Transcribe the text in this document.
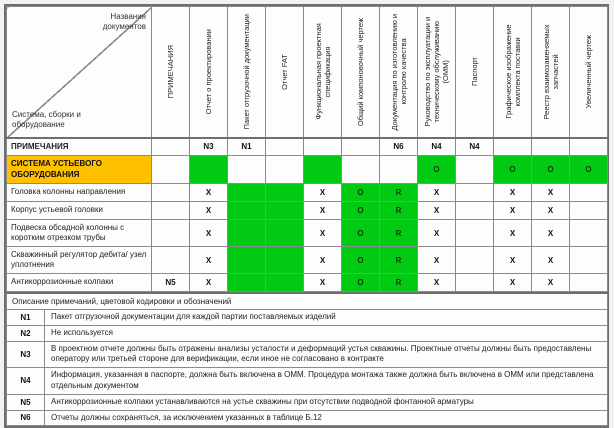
Названия документов
Система, сборки и оборудование	ПРИМЕЧАНИЯ	Отчет о проектировании	Пакет отгрузочной документации	Отчет FAT	Функциональная проектная спецификация	Общий компоновочный чертеж	Документация по изготовлению и контролю качества	Руководство по эксплуатации и техническому обслуживанию (ОММ)	Паспорт	Графическое изображение комплекта поставки	Реестр взаимозаменяемых запчастей	Увеличенный чертеж

ПРИМЕЧАНИЯ		N3	N1				N6	N4	N4			
СИСТЕМА УСТЬЕВОГО ОБОРУДОВАНИЯ								O		O	O	O
Головка колонны направления		X			X	O	R	X		X	X	
Корпус устьевой головки		X			X	O	R	X		X	X	
Подвеска обсадной колонны с коротким отрезком трубы		X			X	O	R	X		X	X	
Скважинный регулятор дебита/ узел уплотнения		X			X	O	R	X		X	X	
Антикоррозионные колпаки	N5	X			X	O	R	X		X	X	
Описание примечаний, цветовой кодировки и обозначений	
N1	Пакет отгрузочной документации для каждой партии поставляемых изделий
N2	Не используется
N3	В проектном отчете должны быть отражены анализы усталости и деформаций устья скважины. Проектные отчеты должны быть предоставлены оператору или третьей стороне для верификации, если иное не согласовано в контракте
N4	Информация, указанная в паспорте, должна быть включена в ОММ. Процедура монтажа также должна быть включена в ОММ или представлена отдельным документом
N5	Антикоррозионные колпаки устанавливаются на устье скважины при отсутствии подводной фонтанной арматуры
N6	Отчеты должны сохраняться, за исключением указанных в таблице Б.12
